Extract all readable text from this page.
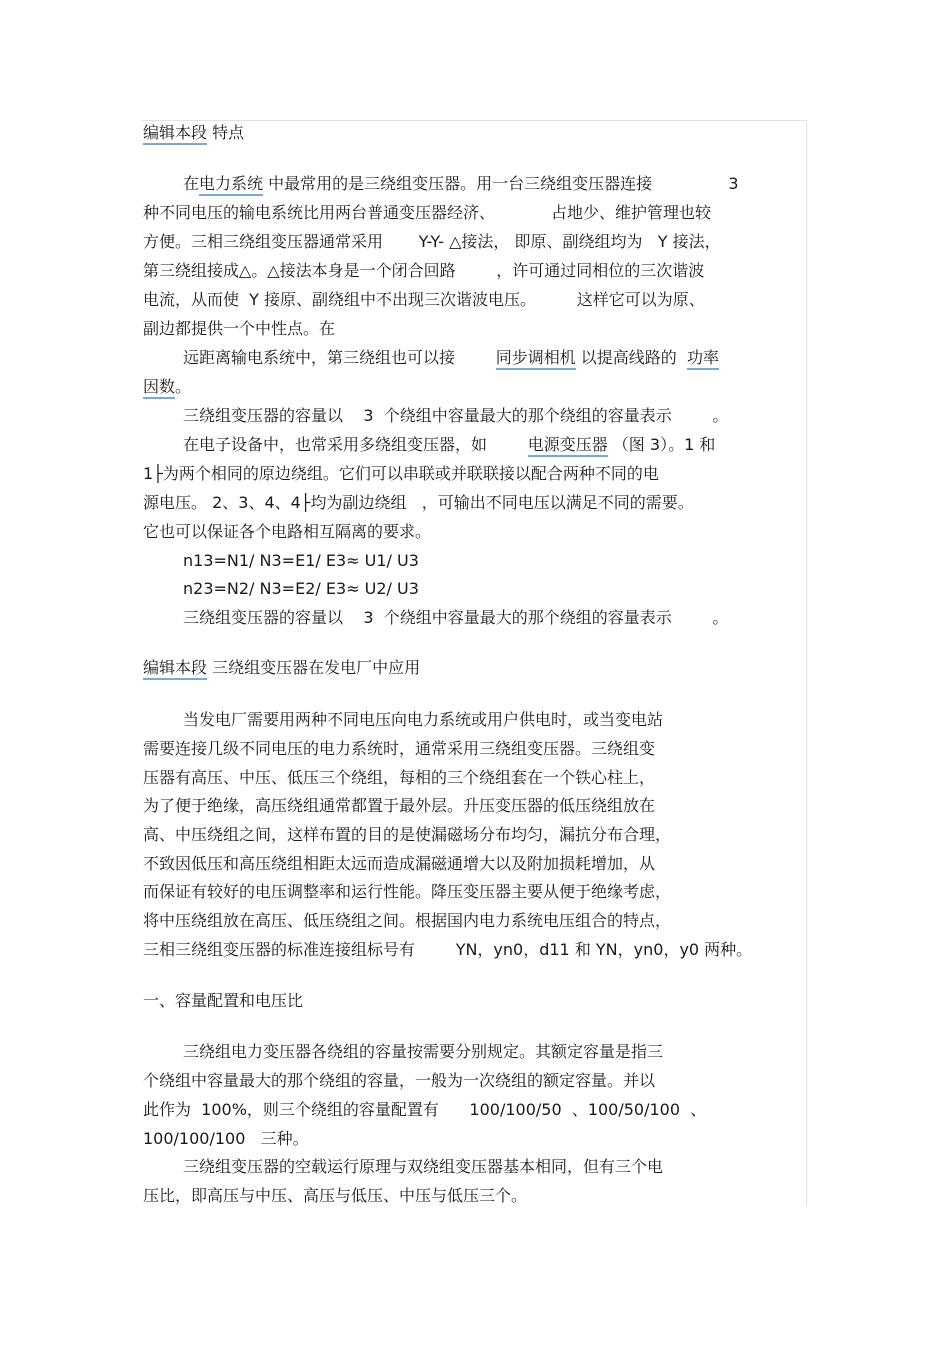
编辑本段 特点
在电力系统 中最常用的是三绕组变压器。用一台三绕组变压器连接               3
种不同电压的输电系统比用两台普通变压器经济、           占地少、维护管理也较
方便。三相三绕组变压器通常采用       Y-Y- △接法， 即原、副绕组均为   Y 接法，
第三绕组接成△。△接法本身是一个闭合回路        ，许可通过同相位的三次谐波
电流，从而使  Y 接原、副绕组中不出现三次谐波电压。        这样它可以为原、
副边都提供一个中性点。在
远距离输电系统中，第三绕组也可以接        同步调相机 以提高线路的  功率
因数。
三绕组变压器的容量以    3  个绕组中容量最大的那个绕组的容量表示        。
在电子设备中，也常采用多绕组变压器，如        电源变压器 （图 3）。1 和
1├为两个相同的原边绕组。它们可以串联或并联联接以配合两种不同的电
源电压。 2、3、4、4├均为副边绕组   ，可输出不同电压以满足不同的需要。
它也可以保证各个电路相互隔离的要求。
n13=N1/ N3=E1/ E3≈ U1/ U3
n23=N2/ N3=E2/ E3≈ U2/ U3
三绕组变压器的容量以    3  个绕组中容量最大的那个绕组的容量表示        。
编辑本段 三绕组变压器在发电厂中应用
当发电厂需要用两种不同电压向电力系统或用户供电时，或当变电站
需要连接几级不同电压的电力系统时，通常采用三绕组变压器。三绕组变
压器有高压、中压、低压三个绕组，每相的三个绕组套在一个铁心柱上，
为了便于绝缘，高压绕组通常都置于最外层。升压变压器的低压绕组放在
高、中压绕组之间，这样布置的目的是使漏磁场分布均匀，漏抗分布合理，
不致因低压和高压绕组相距太远而造成漏磁通增大以及附加损耗增加，从
而保证有较好的电压调整率和运行性能。降压变压器主要从便于绝缘考虑，
将中压绕组放在高压、低压绕组之间。根据国内电力系统电压组合的特点，
三相三绕组变压器的标准连接组标号有        YN，yn0，d11 和 YN，yn0，y0 两种。
一、容量配置和电压比
三绕组电力变压器各绕组的容量按需要分别规定。其额定容量是指三
个绕组中容量最大的那个绕组的容量，一般为一次绕组的额定容量。并以
此作为  100%，则三个绕组的容量配置有      100/100/50  、100/50/100  、
100/100/100   三种。
三绕组变压器的空载运行原理与双绕组变压器基本相同，但有三个电
压比，即高压与中压、高压与低压、中压与低压三个。
